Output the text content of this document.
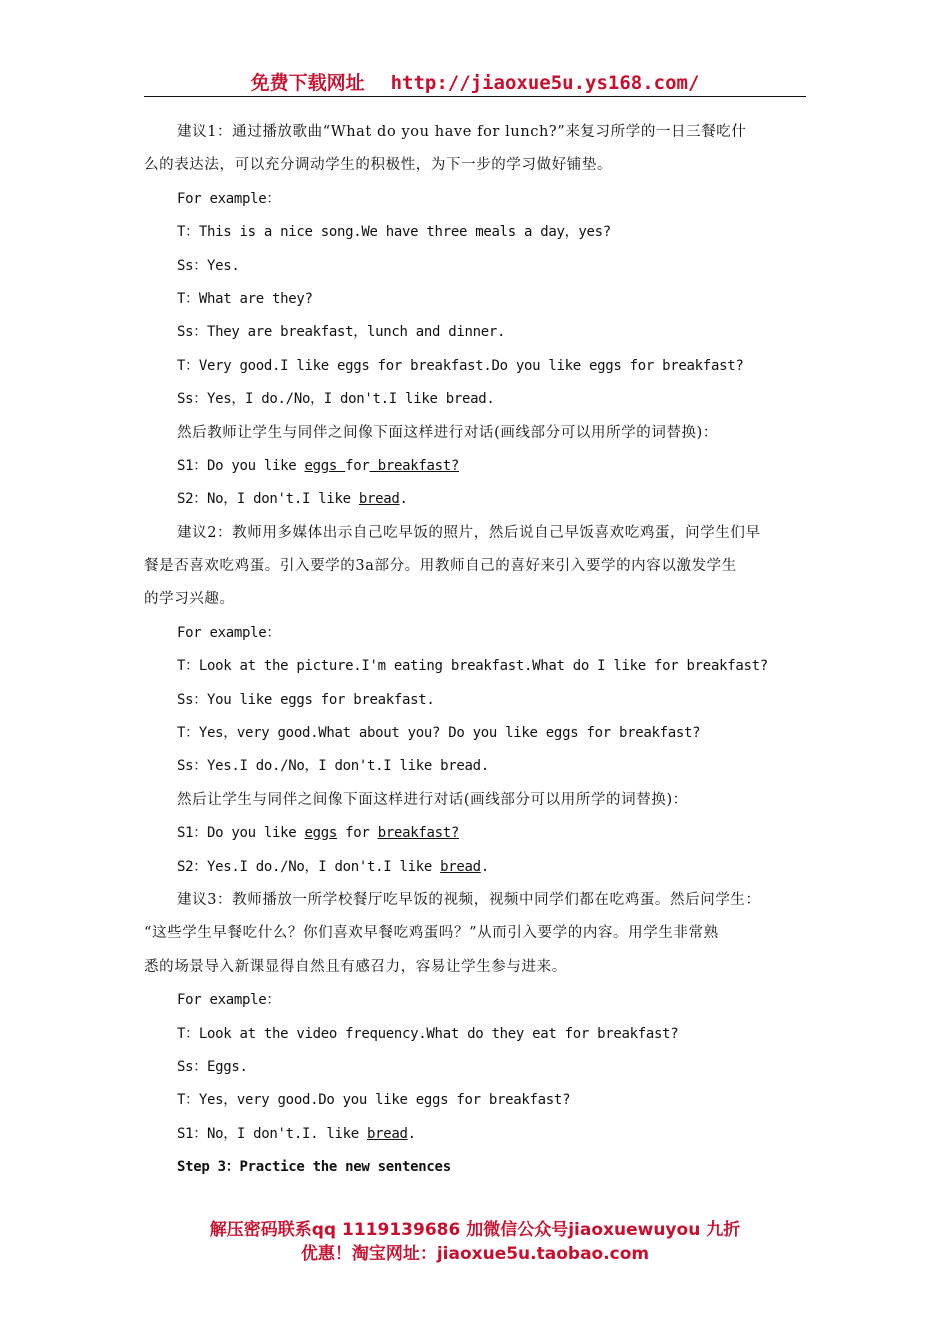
免费下载网址 http://jiaoxue5u.ys168.com/
建议1：通过播放歌曲“What do you have for lunch?”来复习所学的一日三餐吃什
么的表达法，可以充分调动学生的积极性，为下一步的学习做好铺垫。
For example：
T：This is a nice song.We have three meals a day，yes?
Ss：Yes.
T：What are they?
Ss：They are breakfast，lunch and dinner.
T：Very good.I like eggs for breakfast.Do you like eggs for breakfast?
Ss：Yes，I do./No，I don't.I like bread.
然后教师让学生与同伴之间像下面这样进行对话(画线部分可以用所学的词替换)：
S1：Do you like eggs for breakfast?
S2：No，I don't.I like bread.
建议2：教师用多媒体出示自己吃早饭的照片，然后说自己早饭喜欢吃鸡蛋，问学生们早
餐是否喜欢吃鸡蛋。引入要学的3a部分。用教师自己的喜好来引入要学的内容以激发学生
的学习兴趣。
For example：
T：Look at the picture.I'm eating breakfast.What do I like for breakfast?
Ss：You like eggs for breakfast.
T：Yes，very good.What about you? Do you like eggs for breakfast?
Ss：Yes.I do./No，I don't.I like bread.
然后让学生与同伴之间像下面这样进行对话(画线部分可以用所学的词替换)：
S1：Do you like eggs for breakfast?
S2：Yes.I do./No，I don't.I like bread.
建议3：教师播放一所学校餐厅吃早饭的视频，视频中同学们都在吃鸡蛋。然后问学生：
“这些学生早餐吃什么？你们喜欢早餐吃鸡蛋吗？”从而引入要学的内容。用学生非常熟
悉的场景导入新课显得自然且有感召力，容易让学生参与进来。
For example：
T：Look at the video frequency.What do they eat for breakfast?
Ss：Eggs.
T：Yes，very good.Do you like eggs for breakfast?
S1：No，I don't.I. like bread.
Step 3：Practice the new sentences
解压密码联系qq 1119139686 加微信公众号jiaoxuewuyou 九折
优惠！淘宝网址：jiaoxue5u.taobao.com
